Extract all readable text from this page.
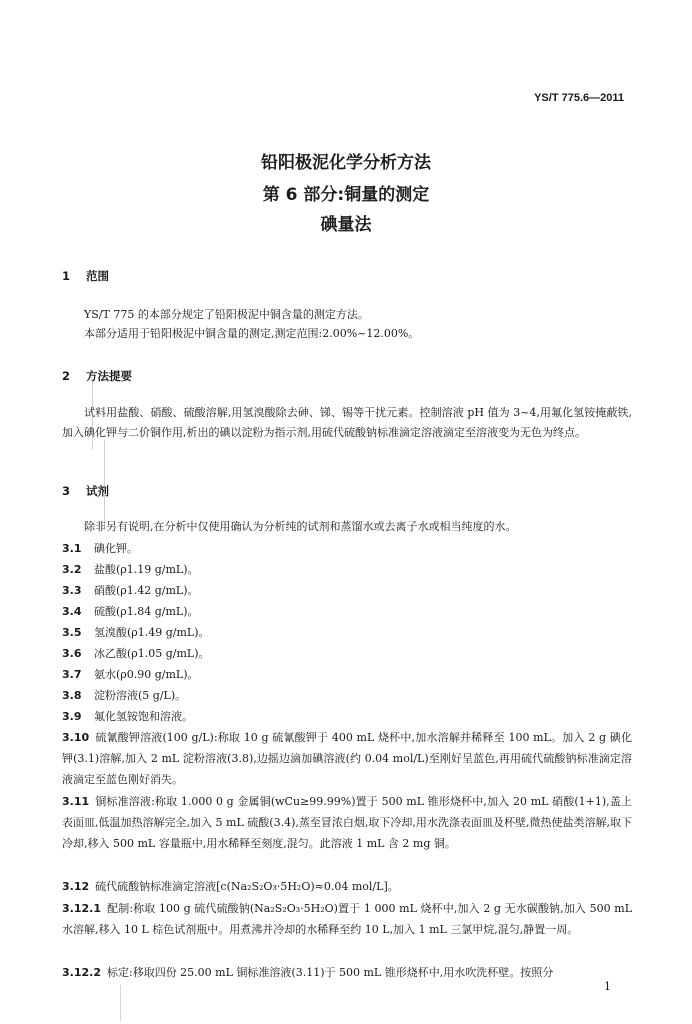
YS/T 775.6—2011
铅阳极泥化学分析方法
第 6 部分:铜量的测定
碘量法
1 范围
YS/T 775 的本部分规定了铅阳极泥中铜含量的测定方法。
本部分适用于铅阳极泥中铜含量的测定,测定范围:2.00%~12.00%。
2 方法提要
试料用盐酸、硝酸、硫酸溶解,用氢溴酸除去砷、锑、锡等干扰元素。控制溶液 pH 值为 3~4,用氟化氢铵掩蔽铁,加入碘化钾与二价铜作用,析出的碘以淀粉为指示剂,用硫代硫酸钠标准滴定溶液滴定至溶液变为无色为终点。
3 试剂
除非另有说明,在分析中仅使用确认为分析纯的试剂和蒸馏水或去离子水或相当纯度的水。
3.1 碘化钾。
3.2 盐酸(ρ1.19 g/mL)。
3.3 硝酸(ρ1.42 g/mL)。
3.4 硫酸(ρ1.84 g/mL)。
3.5 氢溴酸(ρ1.49 g/mL)。
3.6 冰乙酸(ρ1.05 g/mL)。
3.7 氨水(ρ0.90 g/mL)。
3.8 淀粉溶液(5 g/L)。
3.9 氟化氢铵饱和溶液。
3.10 硫氰酸钾溶液(100 g/L):称取 10 g 硫氰酸钾于 400 mL 烧杯中,加水溶解并稀释至 100 mL。加入 2 g 碘化钾(3.1)溶解,加入 2 mL 淀粉溶液(3.8),边摇边滴加碘溶液(约 0.04 mol/L)至刚好呈蓝色,再用硫代硫酸钠标准滴定溶液滴定至蓝色刚好消失。
3.11 铜标准溶液:称取 1.000 0 g 金属铜(wCu≥99.99%)置于 500 mL 锥形烧杯中,加入 20 mL 硝酸(1+1),盖上表面皿,低温加热溶解完全,加入 5 mL 硫酸(3.4),蒸至冒浓白烟,取下冷却,用水洗涤表面皿及杯壁,微热使盐类溶解,取下冷却,移入 500 mL 容量瓶中,用水稀释至刻度,混匀。此溶液 1 mL 含 2 mg 铜。
3.12 硫代硫酸钠标准滴定溶液[c(Na₂S₂O₃·5H₂O)≈0.04 mol/L]。
3.12.1 配制:称取 100 g 硫代硫酸钠(Na₂S₂O₃·5H₂O)置于 1 000 mL 烧杯中,加入 2 g 无水碳酸钠,加入 500 mL 水溶解,移入 10 L 棕色试剂瓶中。用煮沸并冷却的水稀释至约 10 L,加入 1 mL 三氯甲烷,混匀,静置一周。
3.12.2 标定:移取四份 25.00 mL 铜标准溶液(3.11)于 500 mL 锥形烧杯中,用水吹洗杯壁。按照分
1
